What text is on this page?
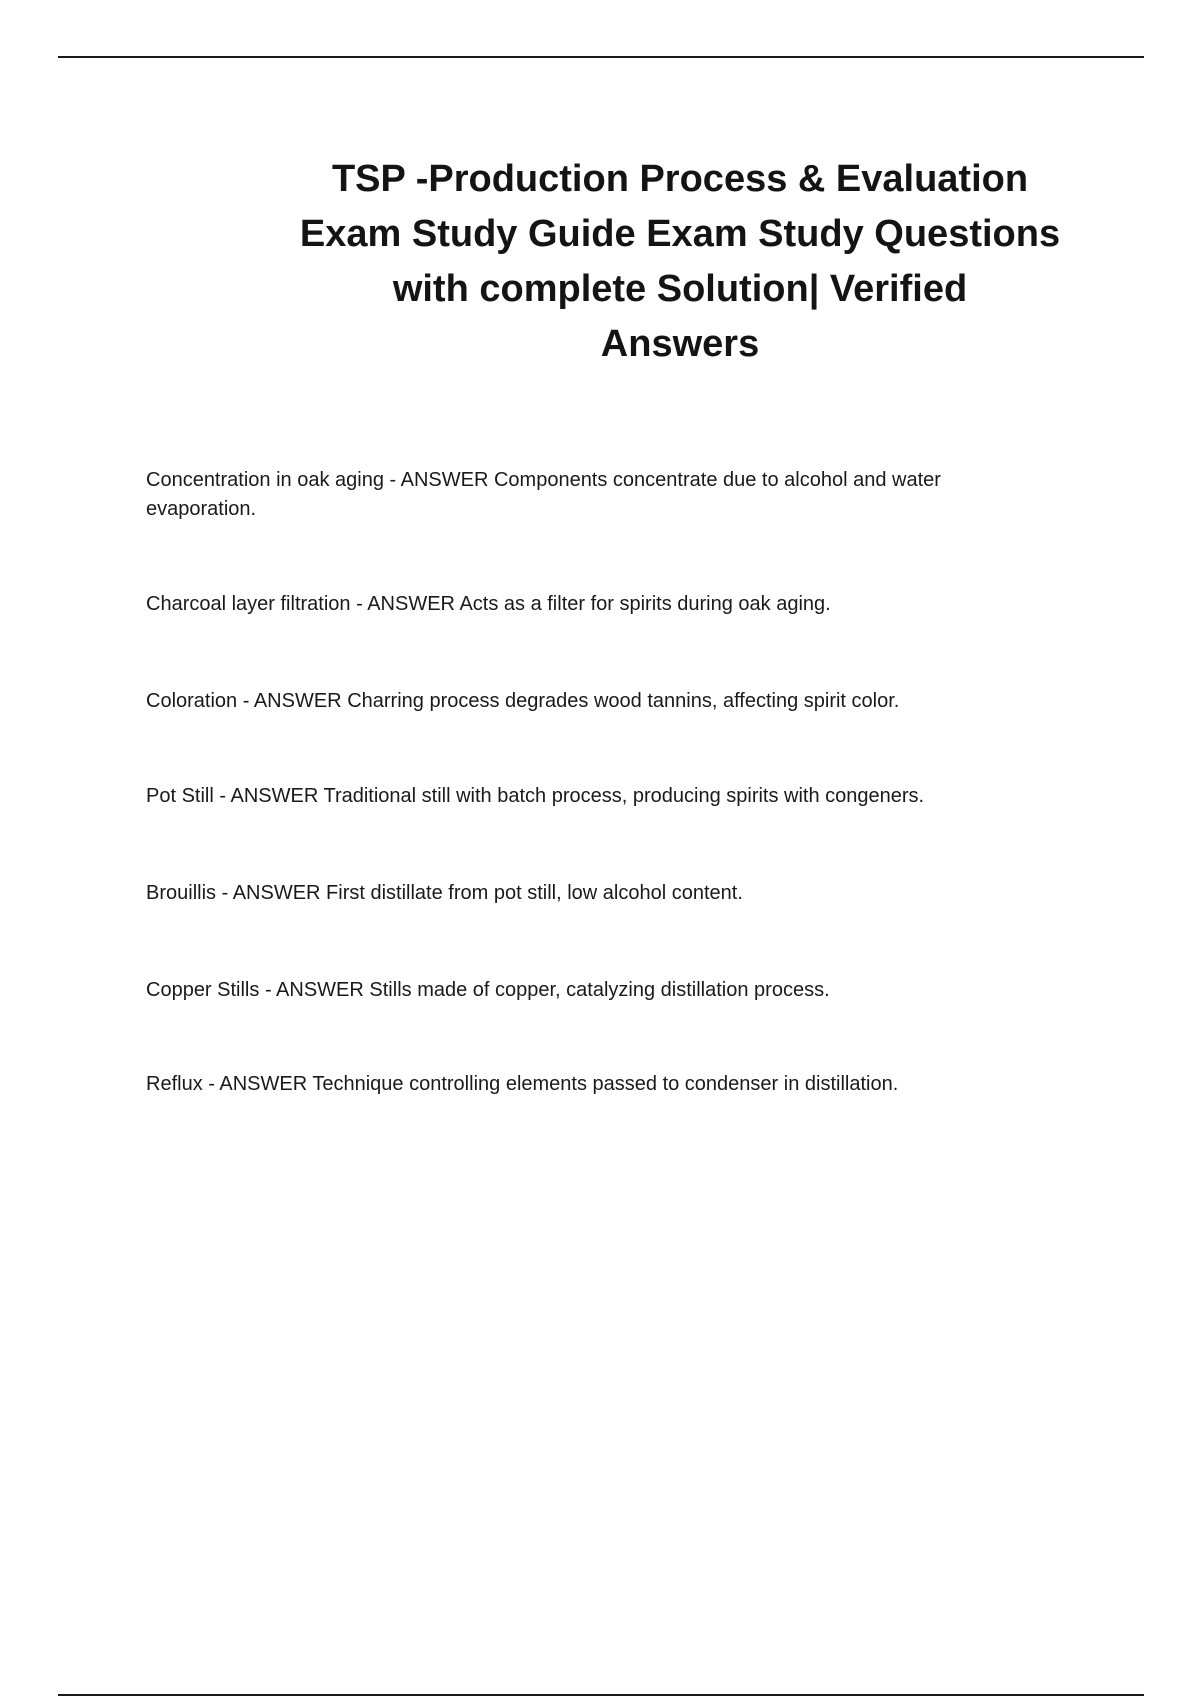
TSP -Production Process & Evaluation
Exam Study Guide Exam Study Questions
with complete Solution| Verified
Answers
Concentration in oak aging - ANSWER Components concentrate due to alcohol and water evaporation.
Charcoal layer filtration - ANSWER Acts as a filter for spirits during oak aging.
Coloration - ANSWER Charring process degrades wood tannins, affecting spirit color.
Pot Still - ANSWER Traditional still with batch process, producing spirits with congeners.
Brouillis - ANSWER First distillate from pot still, low alcohol content.
Copper Stills - ANSWER Stills made of copper, catalyzing distillation process.
Reflux - ANSWER Technique controlling elements passed to condenser in distillation.
